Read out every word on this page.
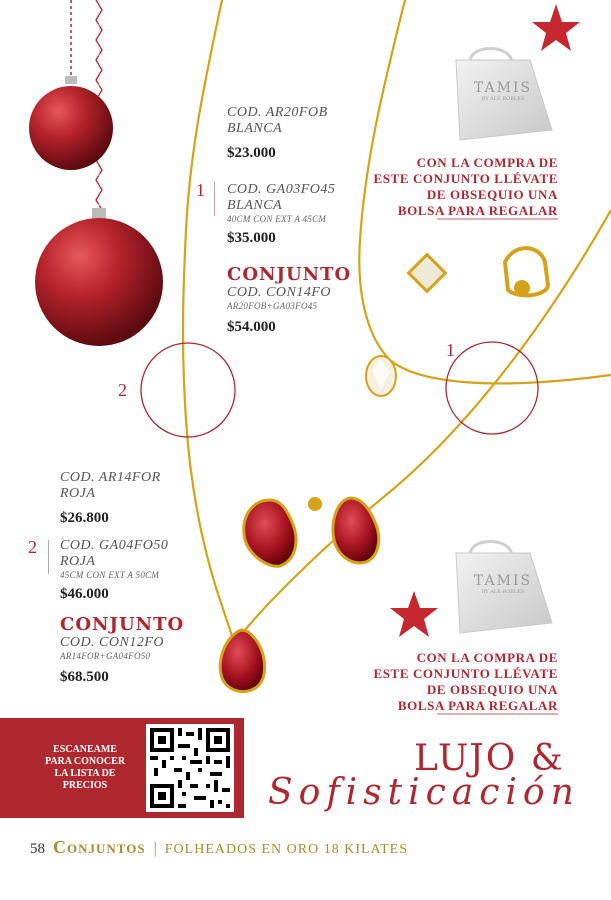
TAMIS
BY ALE ROBLES
TAMIS
BY ALE ROBLES
2
1
COD. AR20FOB
BLANCA
$23.000
1 COD. GA03FO45
BLANCA
40CM CON EXT A 45CM
$35.000
CONJUNTO
COD. CON14FO
AR20FOB+GA03FO45
$54.000
COD. AR14FOR
ROJA
$26.800
2 COD. GA04FO50
ROJA
45CM CON EXT A 50CM
$46.000
CONJUNTO
COD. CON12FO
AR14FOR+GA04FO50
$68.500
CON LA COMPRA DE
ESTE CONJUNTO LLÉVATE
DE OBSEQUIO UNA
BOLSA PARA REGALAR
CON LA COMPRA DE
ESTE CONJUNTO LLÉVATE
DE OBSEQUIO UNA
BOLSA PARA REGALAR
ESCANEAME
PARA CONOCER
LA LISTA DE
PRECIOS
LUJO &
Sofisticación
58 Conjuntos | FOLHEADOS EN ORO 18 KILATES
